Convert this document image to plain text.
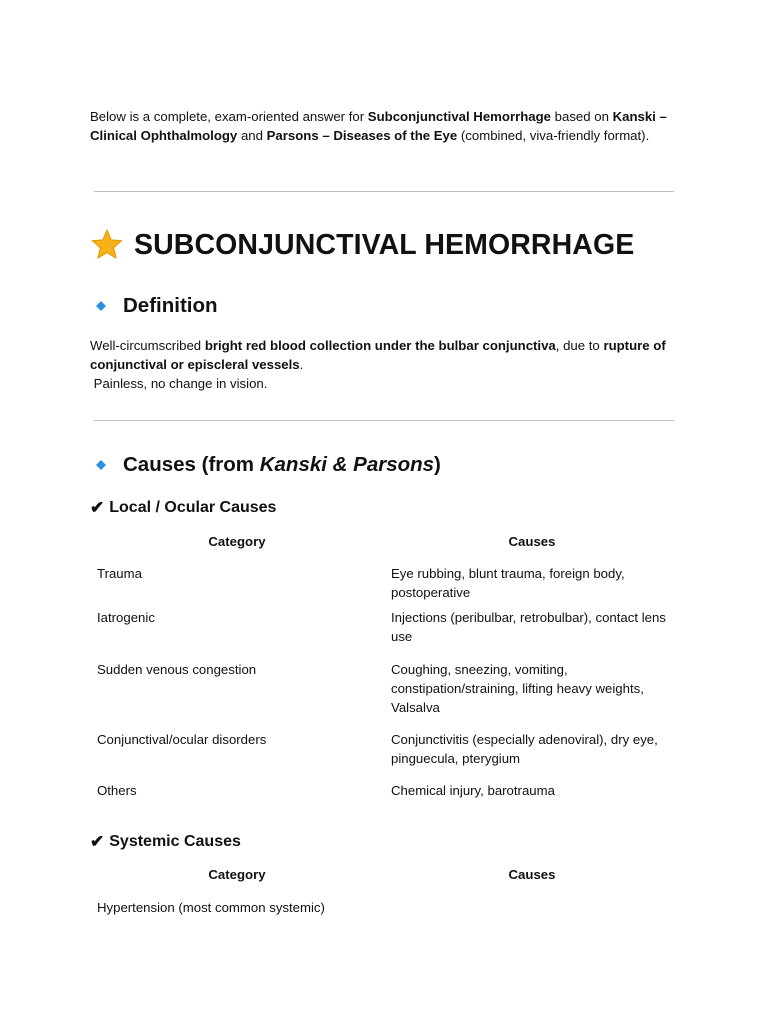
Below is a complete, exam-oriented answer for Subconjunctival Hemorrhage based on Kanski – Clinical Ophthalmology and Parsons – Diseases of the Eye (combined, viva-friendly format).
SUBCONJUNCTIVAL HEMORRHAGE
Definition
Well-circumscribed bright red blood collection under the bulbar conjunctiva, due to rupture of conjunctival or episcleral vessels.
Painless, no change in vision.
Causes (from Kanski & Parsons)
✔ Local / Ocular Causes
Category	Causes
Trauma	Eye rubbing, blunt trauma, foreign body, postoperative
Iatrogenic	Injections (peribulbar, retrobulbar), contact lens use
Sudden venous congestion	Coughing, sneezing, vomiting, constipation/straining, lifting heavy weights, Valsalva
Conjunctival/ocular disorders	Conjunctivitis (especially adenoviral), dry eye, pinguecula, pterygium
Others	Chemical injury, barotrauma
✔ Systemic Causes
Category	Causes
Hypertension (most common systemic)	
